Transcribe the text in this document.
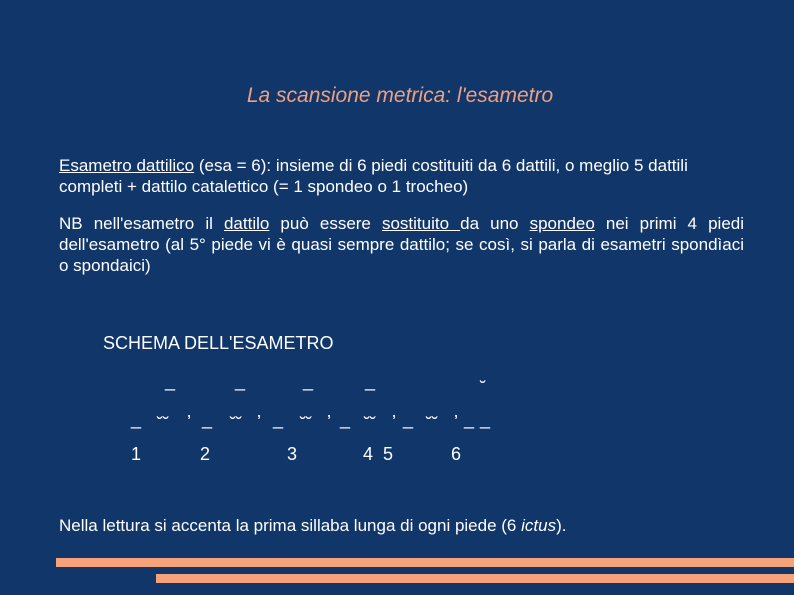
La scansione metrica: l'esametro
Esametro dattilico (esa = 6): insieme di 6 piedi costituiti da 6 dattili, o meglio 5 dattili completi + dattilo catalettico (= 1 spondeo o 1 trocheo)
NB nell'esametro il dattilo può essere sostituito da uno spondeo nei primi 4 piedi dell'esametro (al 5° piede vi è quasi sempre dattilo; se così, si parla di esametri spondìaci o spondaici)
SCHEMA DELL'ESAMETRO
_	_	_	_	˘
_ ˘˘ ’ _ ˘˘ ’ _ ˘˘ ’ _ ˘˘ ’ _ ˘˘ ’ _ _
1	2	3	4 5	6
Nella lettura si accenta la prima sillaba lunga di ogni piede (6 ictus).
